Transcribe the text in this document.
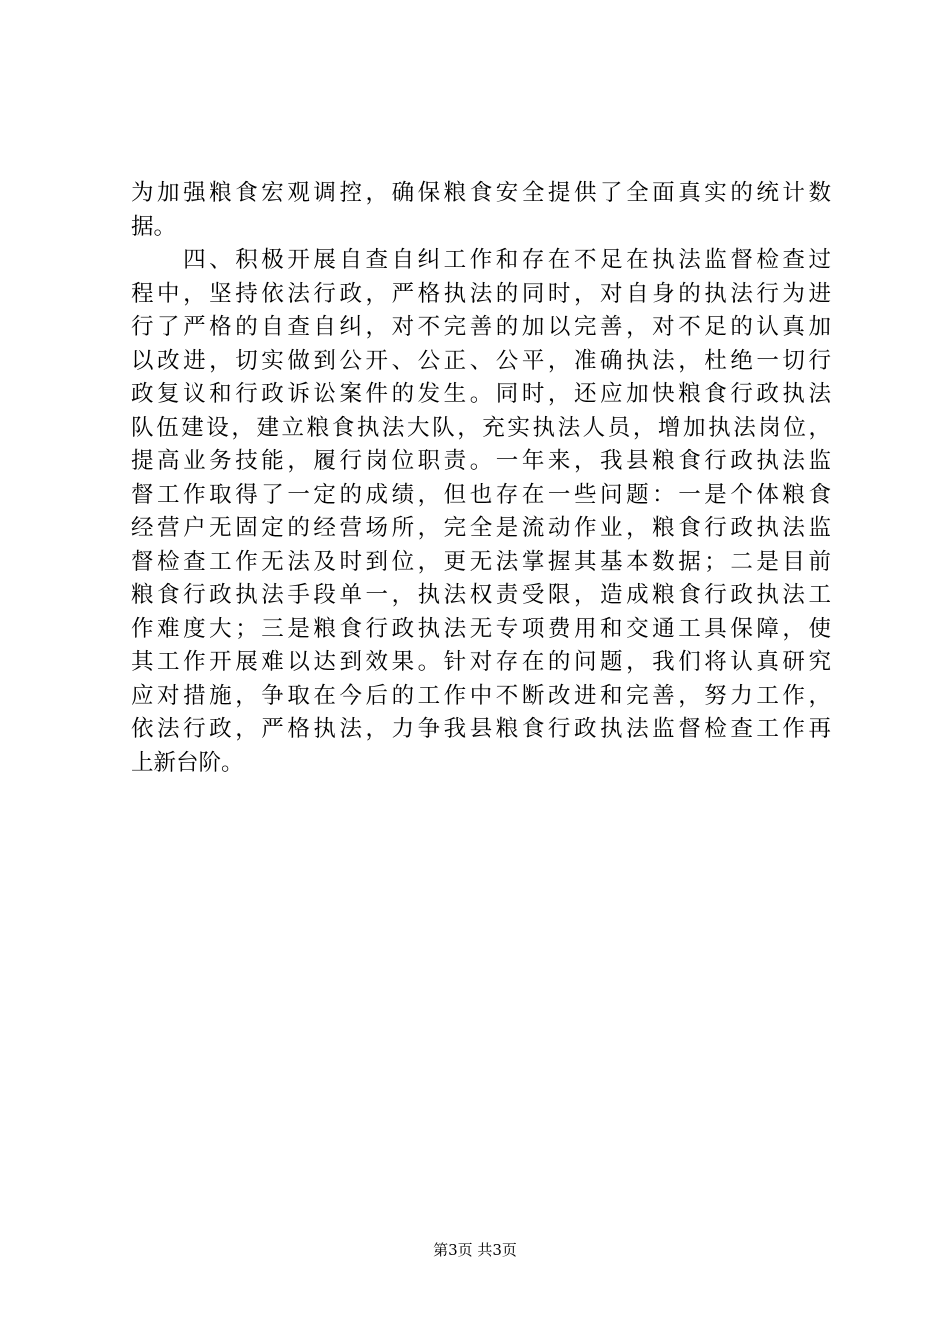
为加强粮食宏观调控，确保粮食安全提供了全面真实的统计数
据。
　　四、积极开展自查自纠工作和存在不足在执法监督检查过
程中，坚持依法行政，严格执法的同时，对自身的执法行为进
行了严格的自查自纠，对不完善的加以完善，对不足的认真加
以改进，切实做到公开、公正、公平，准确执法，杜绝一切行
政复议和行政诉讼案件的发生。同时，还应加快粮食行政执法
队伍建设，建立粮食执法大队，充实执法人员，增加执法岗位，
提高业务技能，履行岗位职责。一年来，我县粮食行政执法监
督工作取得了一定的成绩，但也存在一些问题：一是个体粮食
经营户无固定的经营场所，完全是流动作业，粮食行政执法监
督检查工作无法及时到位，更无法掌握其基本数据；二是目前
粮食行政执法手段单一，执法权责受限，造成粮食行政执法工
作难度大；三是粮食行政执法无专项费用和交通工具保障，使
其工作开展难以达到效果。针对存在的问题，我们将认真研究
应对措施，争取在今后的工作中不断改进和完善，努力工作，
依法行政，严格执法，力争我县粮食行政执法监督检查工作再
上新台阶。
第3页 共3页
